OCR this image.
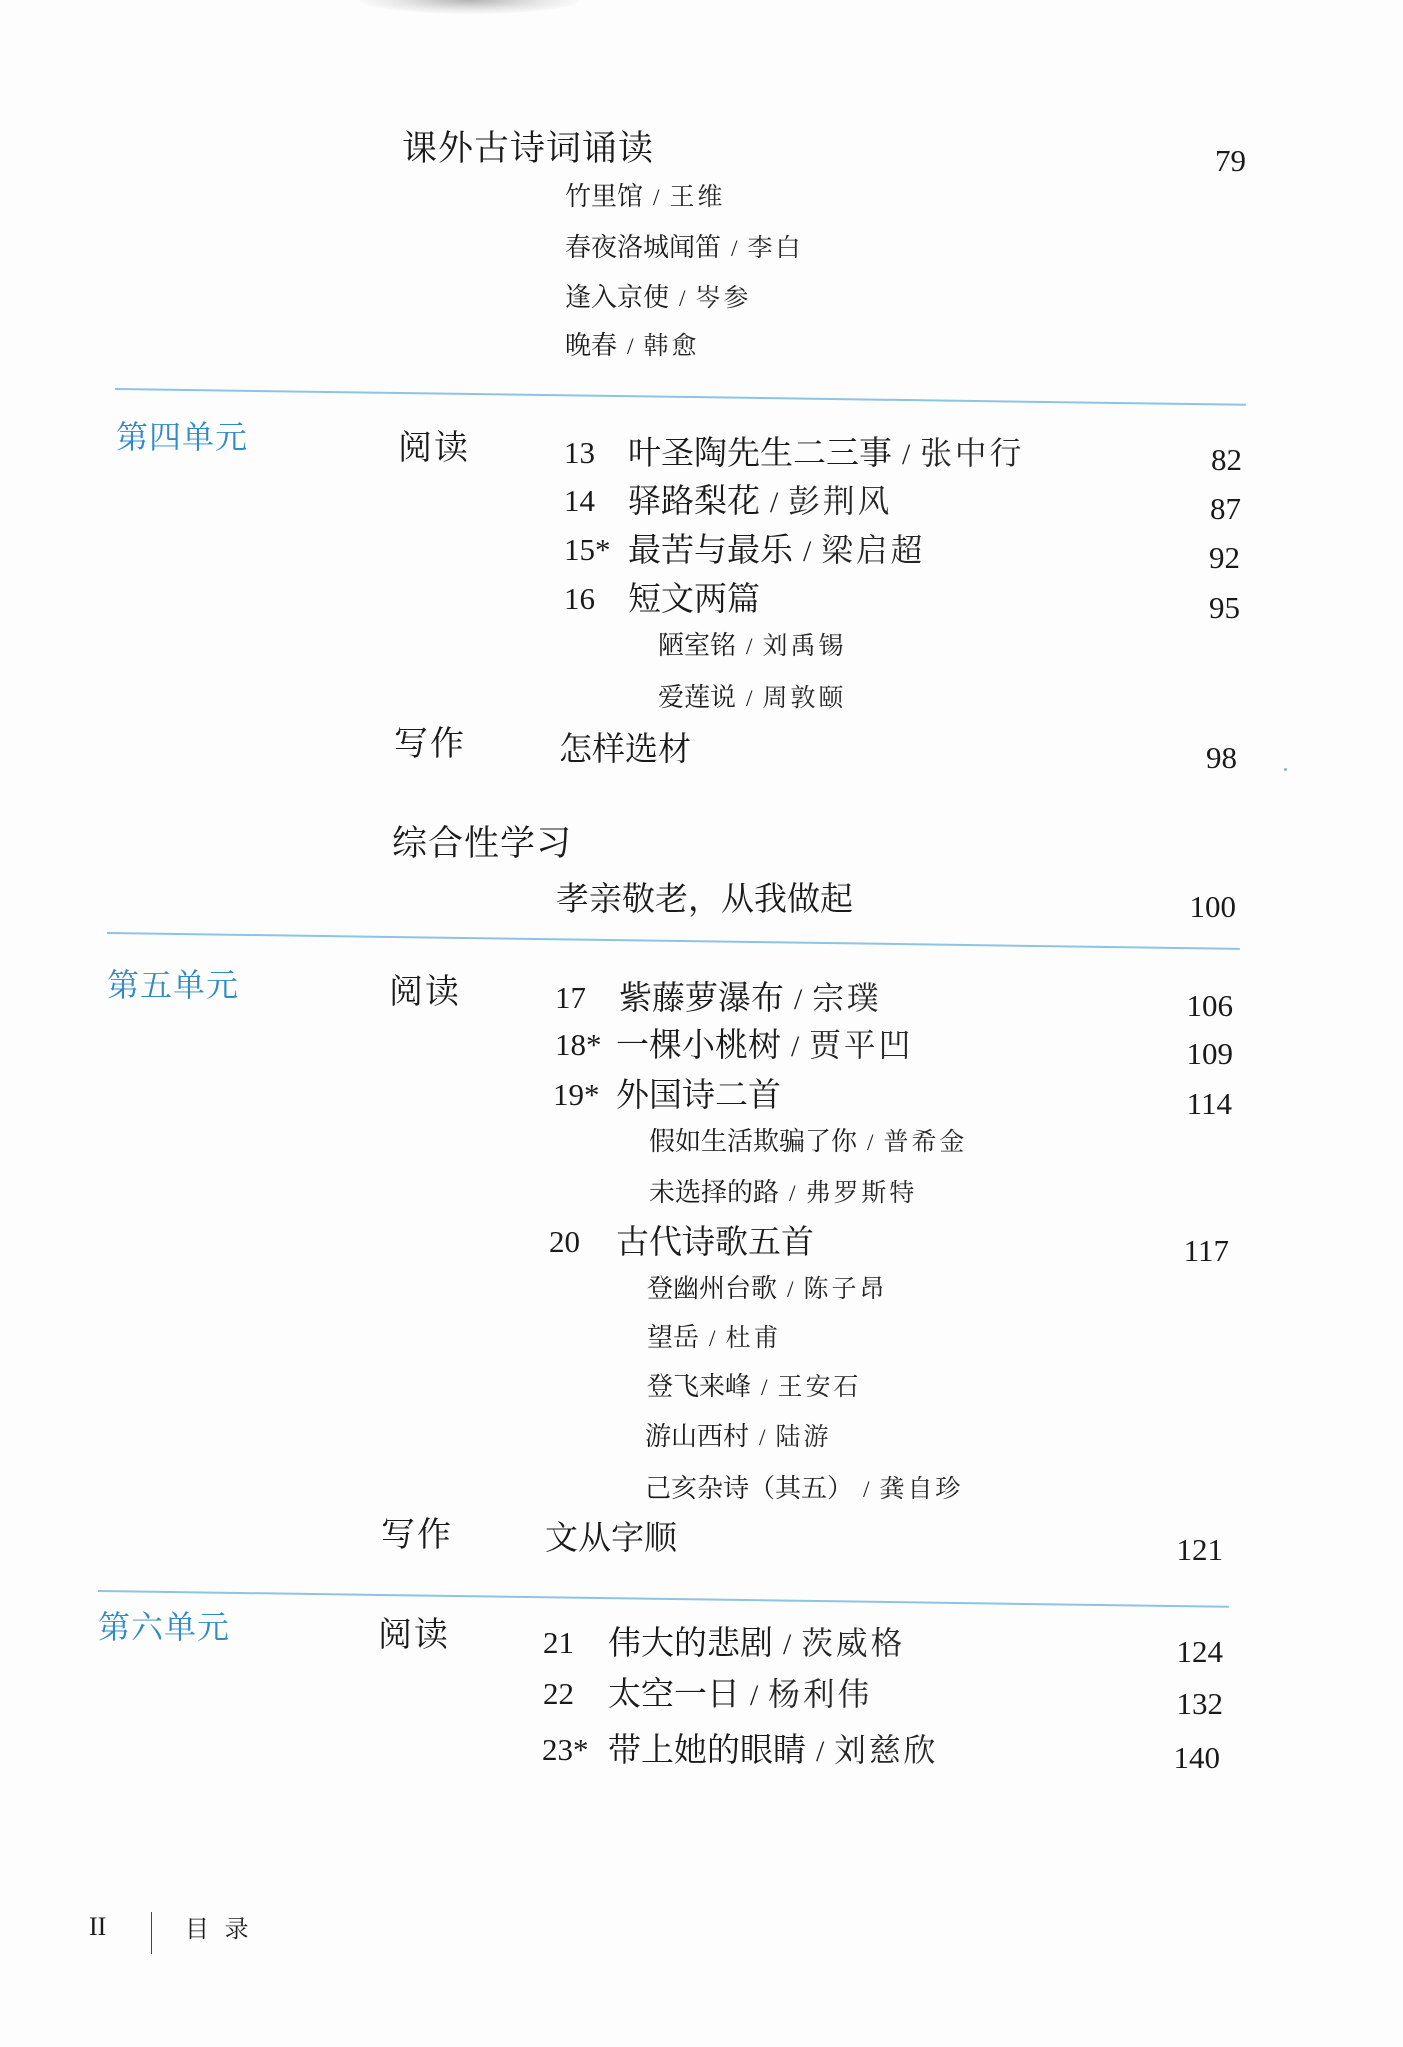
课外古诗词诵读	79
竹里馆 / 王维
春夜洛城闻笛 / 李白
逢入京使 / 岑参
晚春 / 韩愈
第四单元	阅读	13 叶圣陶先生二三事 / 张中行	82
14 驿路梨花 / 彭荆风	87
15* 最苦与最乐 / 梁启超	92
16 短文两篇	95
陋室铭 / 刘禹锡
爱莲说 / 周敦颐
写作	怎样选材	98
综合性学习
孝亲敬老，从我做起	100
第五单元	阅读	17 紫藤萝瀑布 / 宗璞	106
18* 一棵小桃树 / 贾平凹	109
19* 外国诗二首	114
假如生活欺骗了你 / 普希金
未选择的路 / 弗罗斯特
20 古代诗歌五首	117
登幽州台歌 / 陈子昂
望岳 / 杜甫
登飞来峰 / 王安石
游山西村 / 陆游
己亥杂诗（其五） / 龚自珍
写作	文从字顺	121
第六单元	阅读	21 伟大的悲剧 / 茨威格	124
22 太空一日 / 杨利伟	132
23* 带上她的眼睛 / 刘慈欣	140
II	目 录
